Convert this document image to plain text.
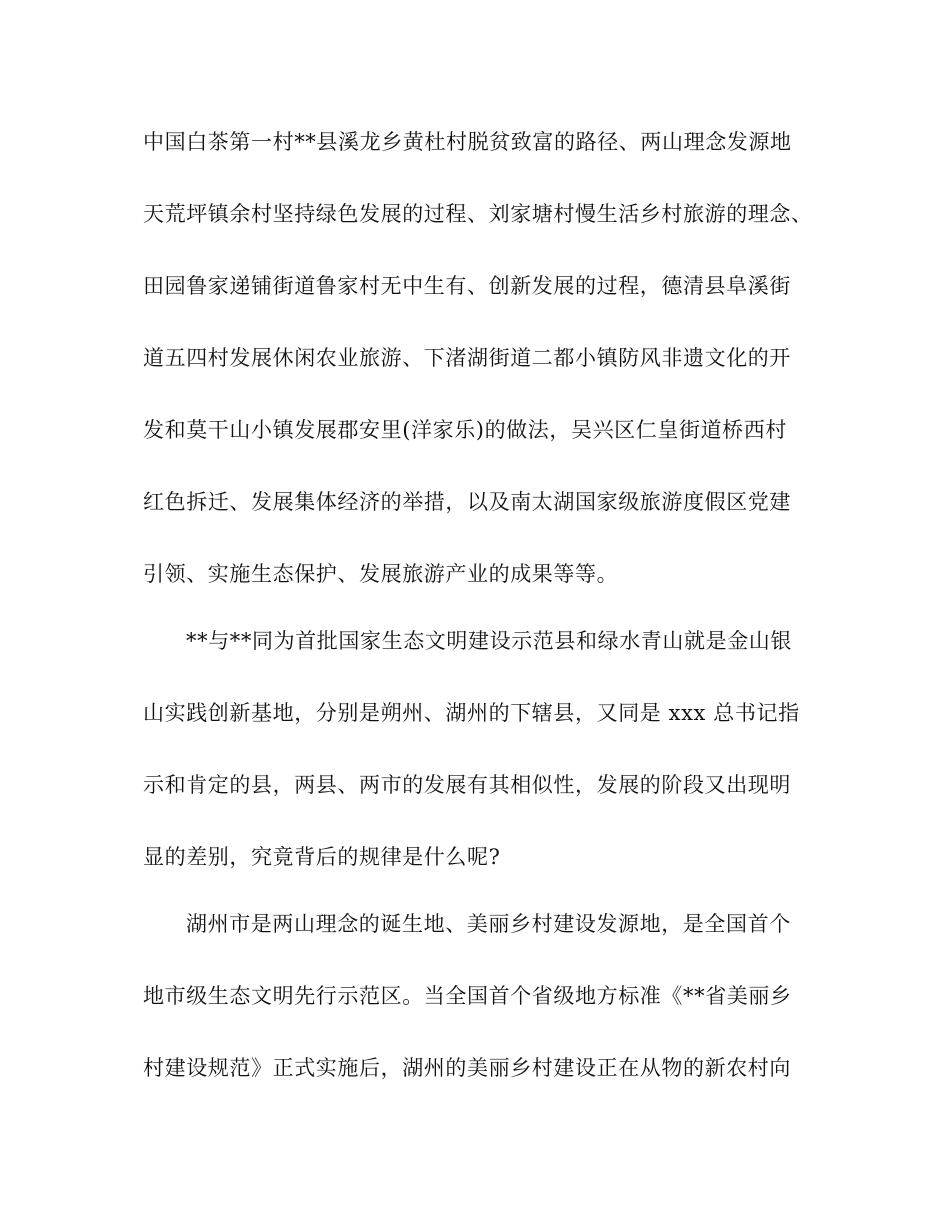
中国白茶第一村**县溪龙乡黄杜村脱贫致富的路径、两山理念发源地
天荒坪镇余村坚持绿色发展的过程、刘家塘村慢生活乡村旅游的理念、
田园鲁家递铺街道鲁家村无中生有、创新发展的过程，德清县阜溪街
道五四村发展休闲农业旅游、下渚湖街道二都小镇防风非遗文化的开
发和莫干山小镇发展郡安里(洋家乐)的做法，吴兴区仁皇街道桥西村
红色拆迁、发展集体经济的举措，以及南太湖国家级旅游度假区党建
引领、实施生态保护、发展旅游产业的成果等等。
**与**同为首批国家生态文明建设示范县和绿水青山就是金山银
山实践创新基地，分别是朔州、湖州的下辖县，又同是 xxx 总书记指
示和肯定的县，两县、两市的发展有其相似性，发展的阶段又出现明
显的差别，究竟背后的规律是什么呢?
湖州市是两山理念的诞生地、美丽乡村建设发源地，是全国首个
地市级生态文明先行示范区。当全国首个省级地方标准《**省美丽乡
村建设规范》正式实施后，湖州的美丽乡村建设正在从物的新农村向
